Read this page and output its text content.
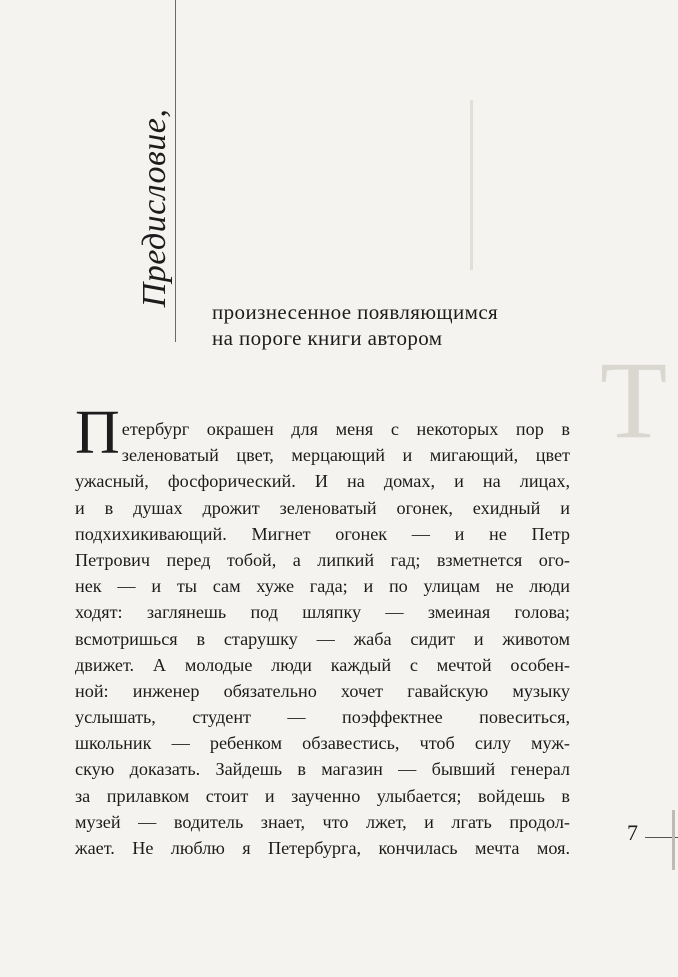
Т
Предисловие,
произнесенное появляющимся
на пороге книги автором
П етербург окрашен для меня с некоторых пор в
зеленоватый цвет, мерцающий и мигающий, цвет
ужасный, фосфорический. И на домах, и на лицах,
и в душах дрожит зеленоватый огонек, ехидный и
подхихикивающий. Мигнет огонек — и не Петр
Петрович перед тобой, а липкий гад; взметнется ого-
нек — и ты сам хуже гада; и по улицам не люди
ходят: заглянешь под шляпку — змеиная голова;
всмотришься в старушку — жаба сидит и животом
движет. А молодые люди каждый с мечтой особен-
ной: инженер обязательно хочет гавайскую музыку
услышать, студент — поэффектнее повеситься,
школьник — ребенком обзавестись, чтоб силу муж-
скую доказать. Зайдешь в магазин — бывший генерал
за прилавком стоит и заученно улыбается; войдешь в
музей — водитель знает, что лжет, и лгать продол-
жает. Не люблю я Петербурга, кончилась мечта моя.
7
